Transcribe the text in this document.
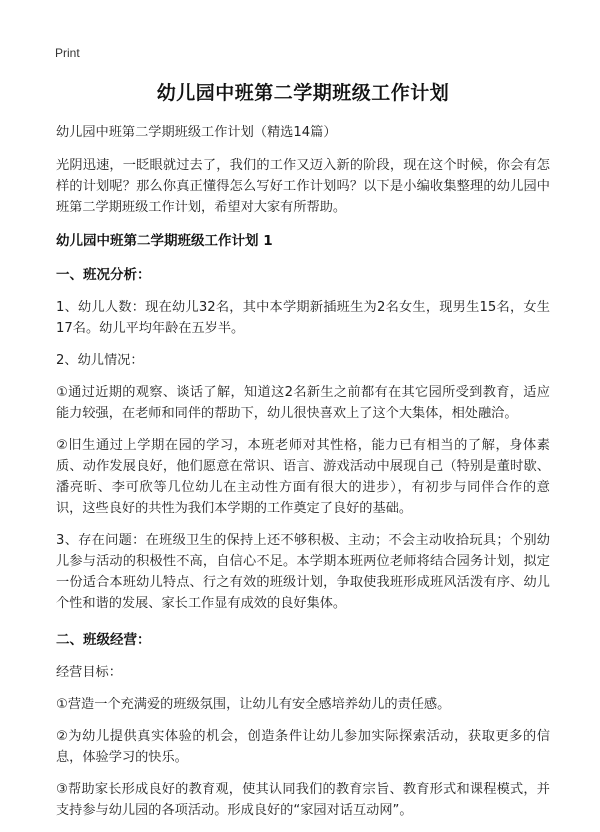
Print
幼儿园中班第二学期班级工作计划

幼儿园中班第二学期班级工作计划（精选14篇）

光阴迅速，一眨眼就过去了，我们的工作又迈入新的阶段，现在这个时候，你会有怎样的计划呢？那么你真正懂得怎么写好工作计划吗？以下是小编收集整理的幼儿园中班第二学期班级工作计划，希望对大家有所帮助。

幼儿园中班第二学期班级工作计划 1
一、班况分析：

1、幼儿人数：现在幼儿32名，其中本学期新插班生为2名女生，现男生15名，女生17名。幼儿平均年龄在五岁半。

2、幼儿情况：

①通过近期的观察、谈话了解，知道这2名新生之前都有在其它园所受到教育，适应能力较强，在老师和同伴的帮助下，幼儿很快喜欢上了这个大集体，相处融洽。

②旧生通过上学期在园的学习，本班老师对其性格，能力已有相当的了解，身体素质、动作发展良好，他们愿意在常识、语言、游戏活动中展现自己（特别是董时歇、潘亮昕、李可欣等几位幼儿在主动性方面有很大的进步），有初步与同伴合作的意识，这些良好的共性为我们本学期的工作奠定了良好的基础。

3、存在问题：在班级卫生的保持上还不够积极、主动；不会主动收拾玩具；个别幼儿参与活动的积极性不高，自信心不足。本学期本班两位老师将结合园务计划，拟定一份适合本班幼儿特点、行之有效的班级计划，争取使我班形成班风活泼有序、幼儿个性和谐的发展、家长工作显有成效的良好集体。

二、班级经营：

经营目标：

①营造一个充满爱的班级氛围，让幼儿有安全感培养幼儿的责任感。

②为幼儿提供真实体验的机会，创造条件让幼儿参加实际探索活动，获取更多的信息，体验学习的快乐。

③帮助家长形成良好的教育观，使其认同我们的教育宗旨、教育形式和课程模式，并支持参与幼儿园的各项活动。形成良好的“家园对话互动网”。
